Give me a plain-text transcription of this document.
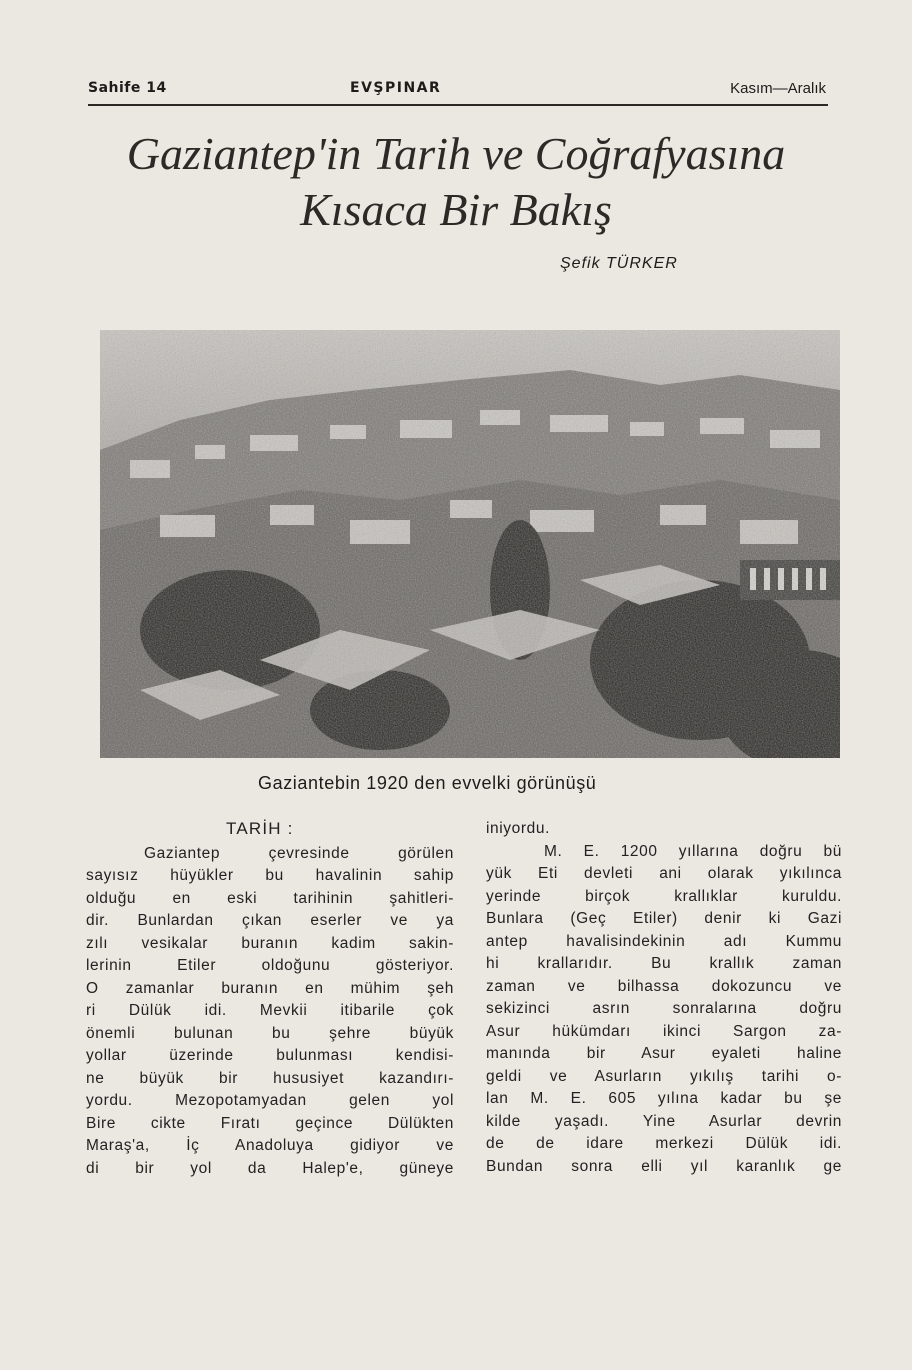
Sahife 14	EVŞPINAR	Kasım—Aralık
Gaziantep'in Tarih ve Coğrafyasına
Kısaca Bir Bakış
Şefik TÜRKER
Gaziantebin 1920 den evvelki görünüşü
TARİH :
Gaziantep çevresinde görülen
sayısız hüyükler bu havalinin sahip
olduğu en eski tarihinin şahitleri-
dir. Bunlardan çıkan eserler ve ya
zılı vesikalar buranın kadim sakin-
lerinin Etiler oldoğunu gösteriyor.
O zamanlar buranın en mühim şeh
ri Dülük idi. Mevkii itibarile çok
önemli bulunan bu şehre büyük
yollar üzerinde bulunması kendisi-
ne büyük bir hususiyet kazandırı-
yordu. Mezopotamyadan gelen yol
Bire cikte Fıratı geçince Dülükten
Maraş'a, İç Anadoluya gidiyor ve
di bir yol da Halep'e, güneye
iniyordu.
M. E. 1200 yıllarına doğru bü
yük Eti devleti ani olarak yıkılınca
yerinde birçok krallıklar kuruldu.
Bunlara (Geç Etiler) denir ki Gazi
antep havalisindekinin adı Kummu
hi krallarıdır. Bu krallık zaman
zaman ve bilhassa dokozuncu ve
sekizinci asrın sonralarına doğru
Asur hükümdarı ikinci Sargon za-
manında bir Asur eyaleti haline
geldi ve Asurların yıkılış tarihi o-
lan M. E. 605 yılına kadar bu şe
kilde yaşadı. Yine Asurlar devrin
de de idare merkezi Dülük idi.
Bundan sonra elli yıl karanlık ge
